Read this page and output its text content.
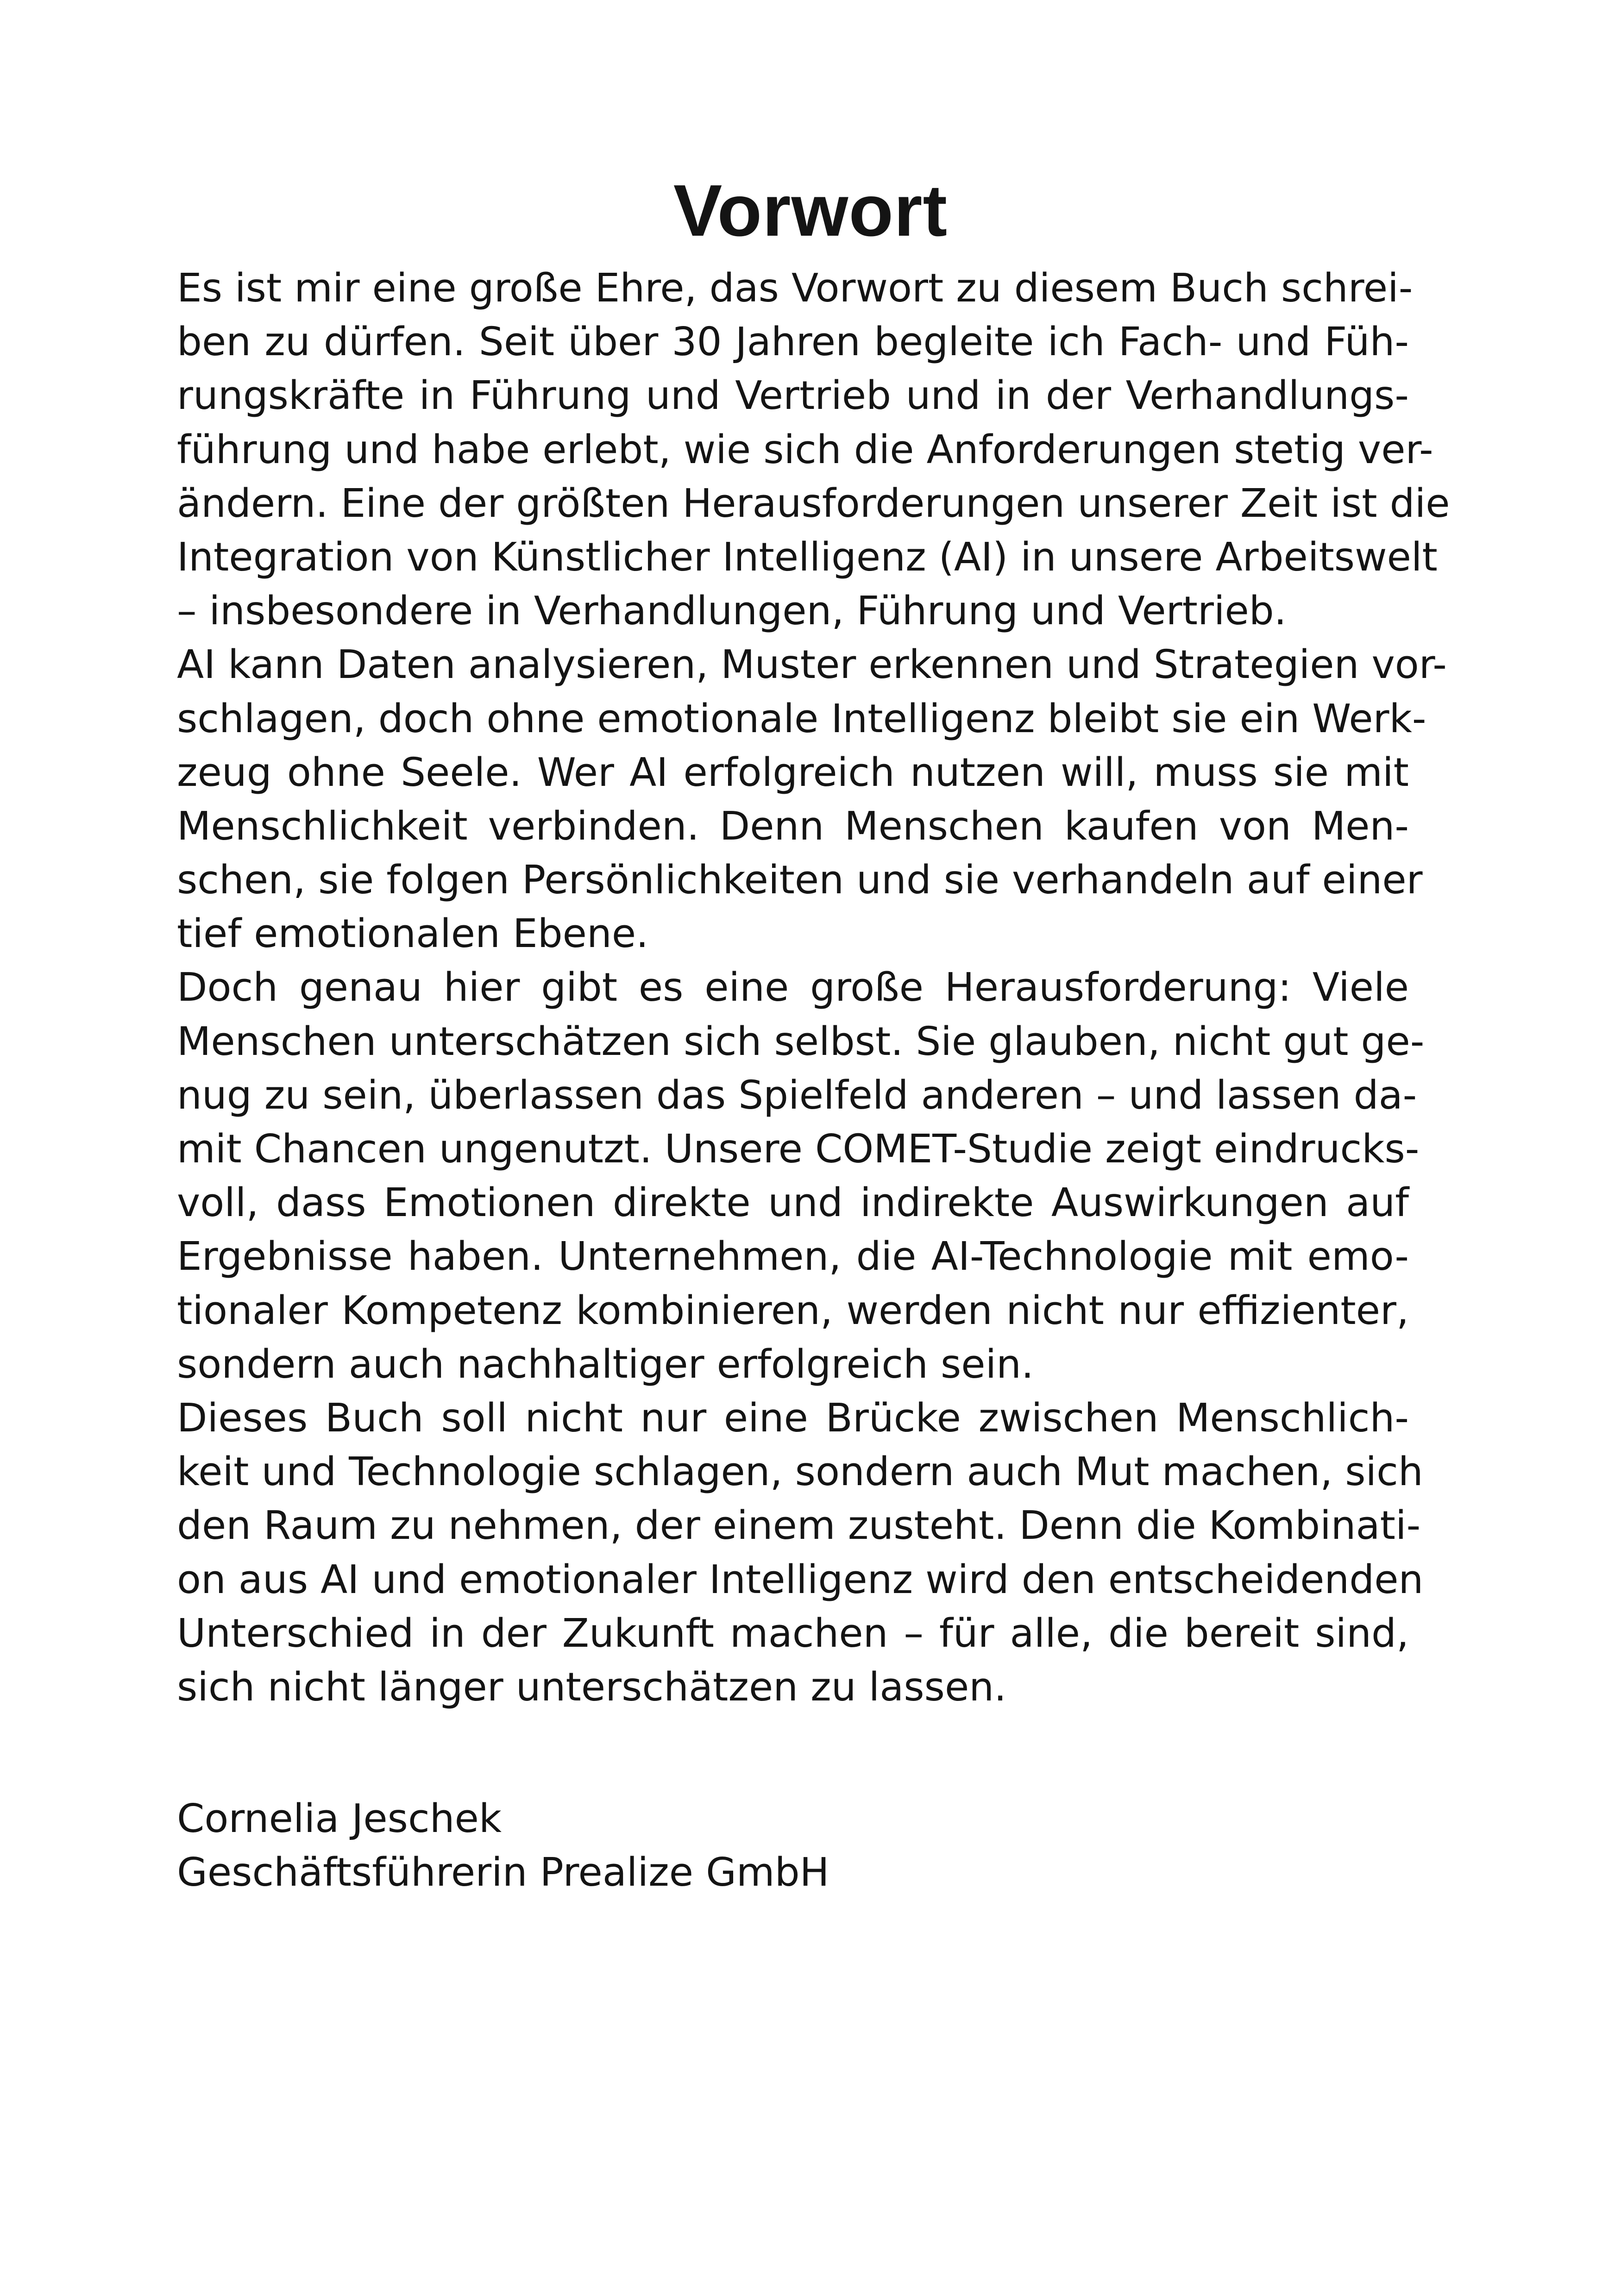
Vorwort
Es ist mir eine große Ehre, das Vorwort zu diesem Buch schrei-
ben zu dürfen. Seit über 30 Jahren begleite ich Fach- und Füh-
rungskräfte in Führung und Vertrieb und in der Verhandlungs-
führung und habe erlebt, wie sich die Anforderungen stetig ver-
ändern. Eine der größten Herausforderungen unserer Zeit ist die
Integration von Künstlicher Intelligenz (AI) in unsere Arbeitswelt
– insbesondere in Verhandlungen, Führung und Vertrieb.
AI kann Daten analysieren, Muster erkennen und Strategien vor-
schlagen, doch ohne emotionale Intelligenz bleibt sie ein Werk-
zeug ohne Seele. Wer AI erfolgreich nutzen will, muss sie mit
Menschlichkeit verbinden. Denn Menschen kaufen von Men-
schen, sie folgen Persönlichkeiten und sie verhandeln auf einer
tief emotionalen Ebene.
Doch genau hier gibt es eine große Herausforderung: Viele
Menschen unterschätzen sich selbst. Sie glauben, nicht gut ge-
nug zu sein, überlassen das Spielfeld anderen – und lassen da-
mit Chancen ungenutzt. Unsere COMET-Studie zeigt eindrucks-
voll, dass Emotionen direkte und indirekte Auswirkungen auf
Ergebnisse haben. Unternehmen, die AI-Technologie mit emo-
tionaler Kompetenz kombinieren, werden nicht nur effizienter,
sondern auch nachhaltiger erfolgreich sein.
Dieses Buch soll nicht nur eine Brücke zwischen Menschlich-
keit und Technologie schlagen, sondern auch Mut machen, sich
den Raum zu nehmen, der einem zusteht. Denn die Kombinati-
on aus AI und emotionaler Intelligenz wird den entscheidenden
Unterschied in der Zukunft machen – für alle, die bereit sind,
sich nicht länger unterschätzen zu lassen.
Cornelia Jeschek
Geschäftsführerin Prealize GmbH
